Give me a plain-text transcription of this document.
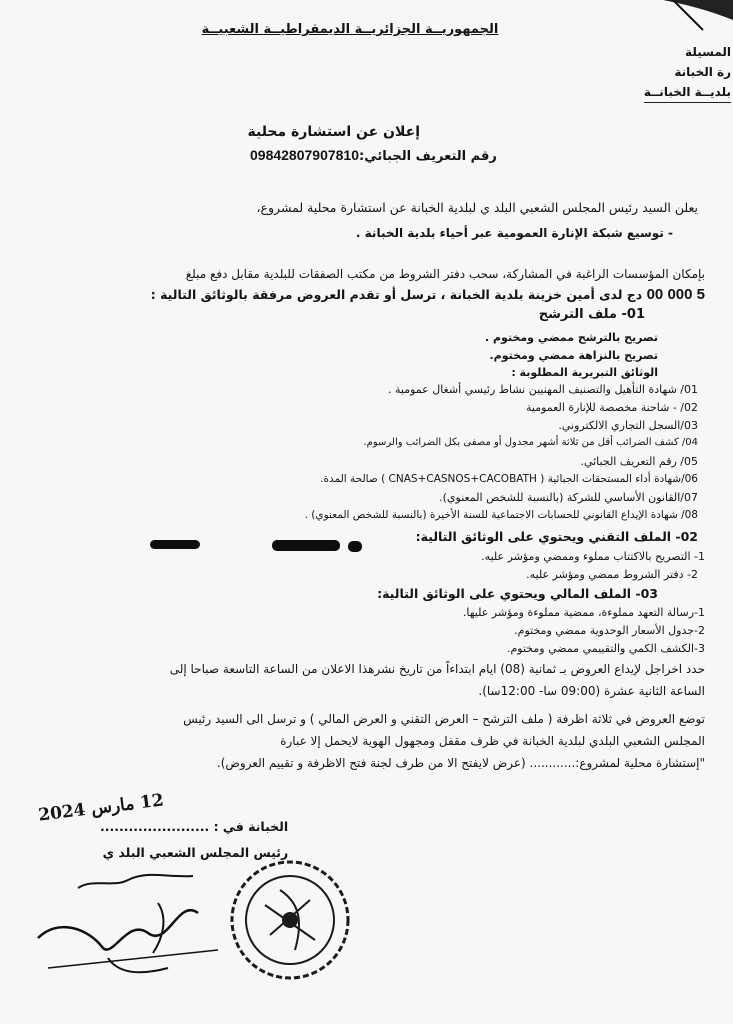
الجمهوريــة الجزائريــة الديمقراطيــة الشعبيــة
المسيلة
رة الخبانة
بلديــة الخبانــة
إعلان عن استشارة محلية
رقم التعريف الجبائي:09842807907810
يعلن السيد رئيس المجلس الشعبي البلد ي لبلدية الخبانة عن استشارة محلية لمشروع،
- توسيع شبكة الإنارة العمومية عبر أحياء بلدية الخبانة .
بإمكان المؤسسات الراغبة في المشاركة، سحب دفتر الشروط من مكتب الصفقات للبلدية مقابل دفع مبلغ
5 000 00 دج لدى أمين خزينة بلدية الخبانة ، ترسل أو تقدم العروض مرفقة بالوثائق التالية :
01- ملف الترشح
تصريح بالترشح ممضي ومختوم .
تصريح بالنزاهة ممضي ومختوم.
الوثائق التبريرية المطلوبة :
01/ شهادة التأهيل والتصنيف المهنيين نشاط رئيسي أشغال عمومية .
02/ - شاحنة مخصصة للإنارة العمومية
03/السجل التجاري الالكتروني.
04/ كشف الضرائب أقل من ثلاثة أشهر مجدول أو مصفى بكل الضرائب والرسوم.
05/ رقم التعريف الجبائي.
06/شهادة أداء المستحقات الجبائية ( CNAS+CASNOS+CACOBATH ) صالحة المدة.
07/القانون الأساسي للشركة (بالنسبة للشخص المعنوي).
08/ شهادة الإيداع القانوني للحسابات الاجتماعية للسنة الأخيرة (بالنسبة للشخص المعنوي) .
02- الملف التقني ويحتوي على الوثائق التالية:
1- التصريح بالاكتتاب مملوء وممضي ومؤشر عليه.
2- دفتر الشروط ممضي ومؤشر عليه.
03- الملف المالي ويحتوي على الوثائق التالية:
1-رسالة التعهد مملوءة، ممضية مملوءة ومؤشر عليها.
2-جدول الأسعار الوحدوية ممضي ومختوم.
3-الكشف الكمي والتقييمي ممضي ومختوم.
حدد اخراجل لإيداع العروض بـ ثمانية (08) ايام ابتداءاً من تاريخ نشرهذا الاعلان من الساعة التاسعة صباحا إلى
الساعة الثانية عشرة (09:00 سا- 12:00سا).
توضع العروض في ثلاثة اظرفة ( ملف الترشح – العرض التقني و العرض المالي ) و ترسل الى السيد رئيس
المجلس الشعبي البلدي لبلدية الخبانة في ظرف مقفل ومجهول الهوية لايحمل إلا عبارة
"إستشارة محلية لمشروع:............ (عرض لايفتح الا من طرف لجنة فتح الاظرفة و تقييم العروض).
12 مارس 2024
الخبانة في : .......................
رئيس المجلس الشعبي البلد ي
